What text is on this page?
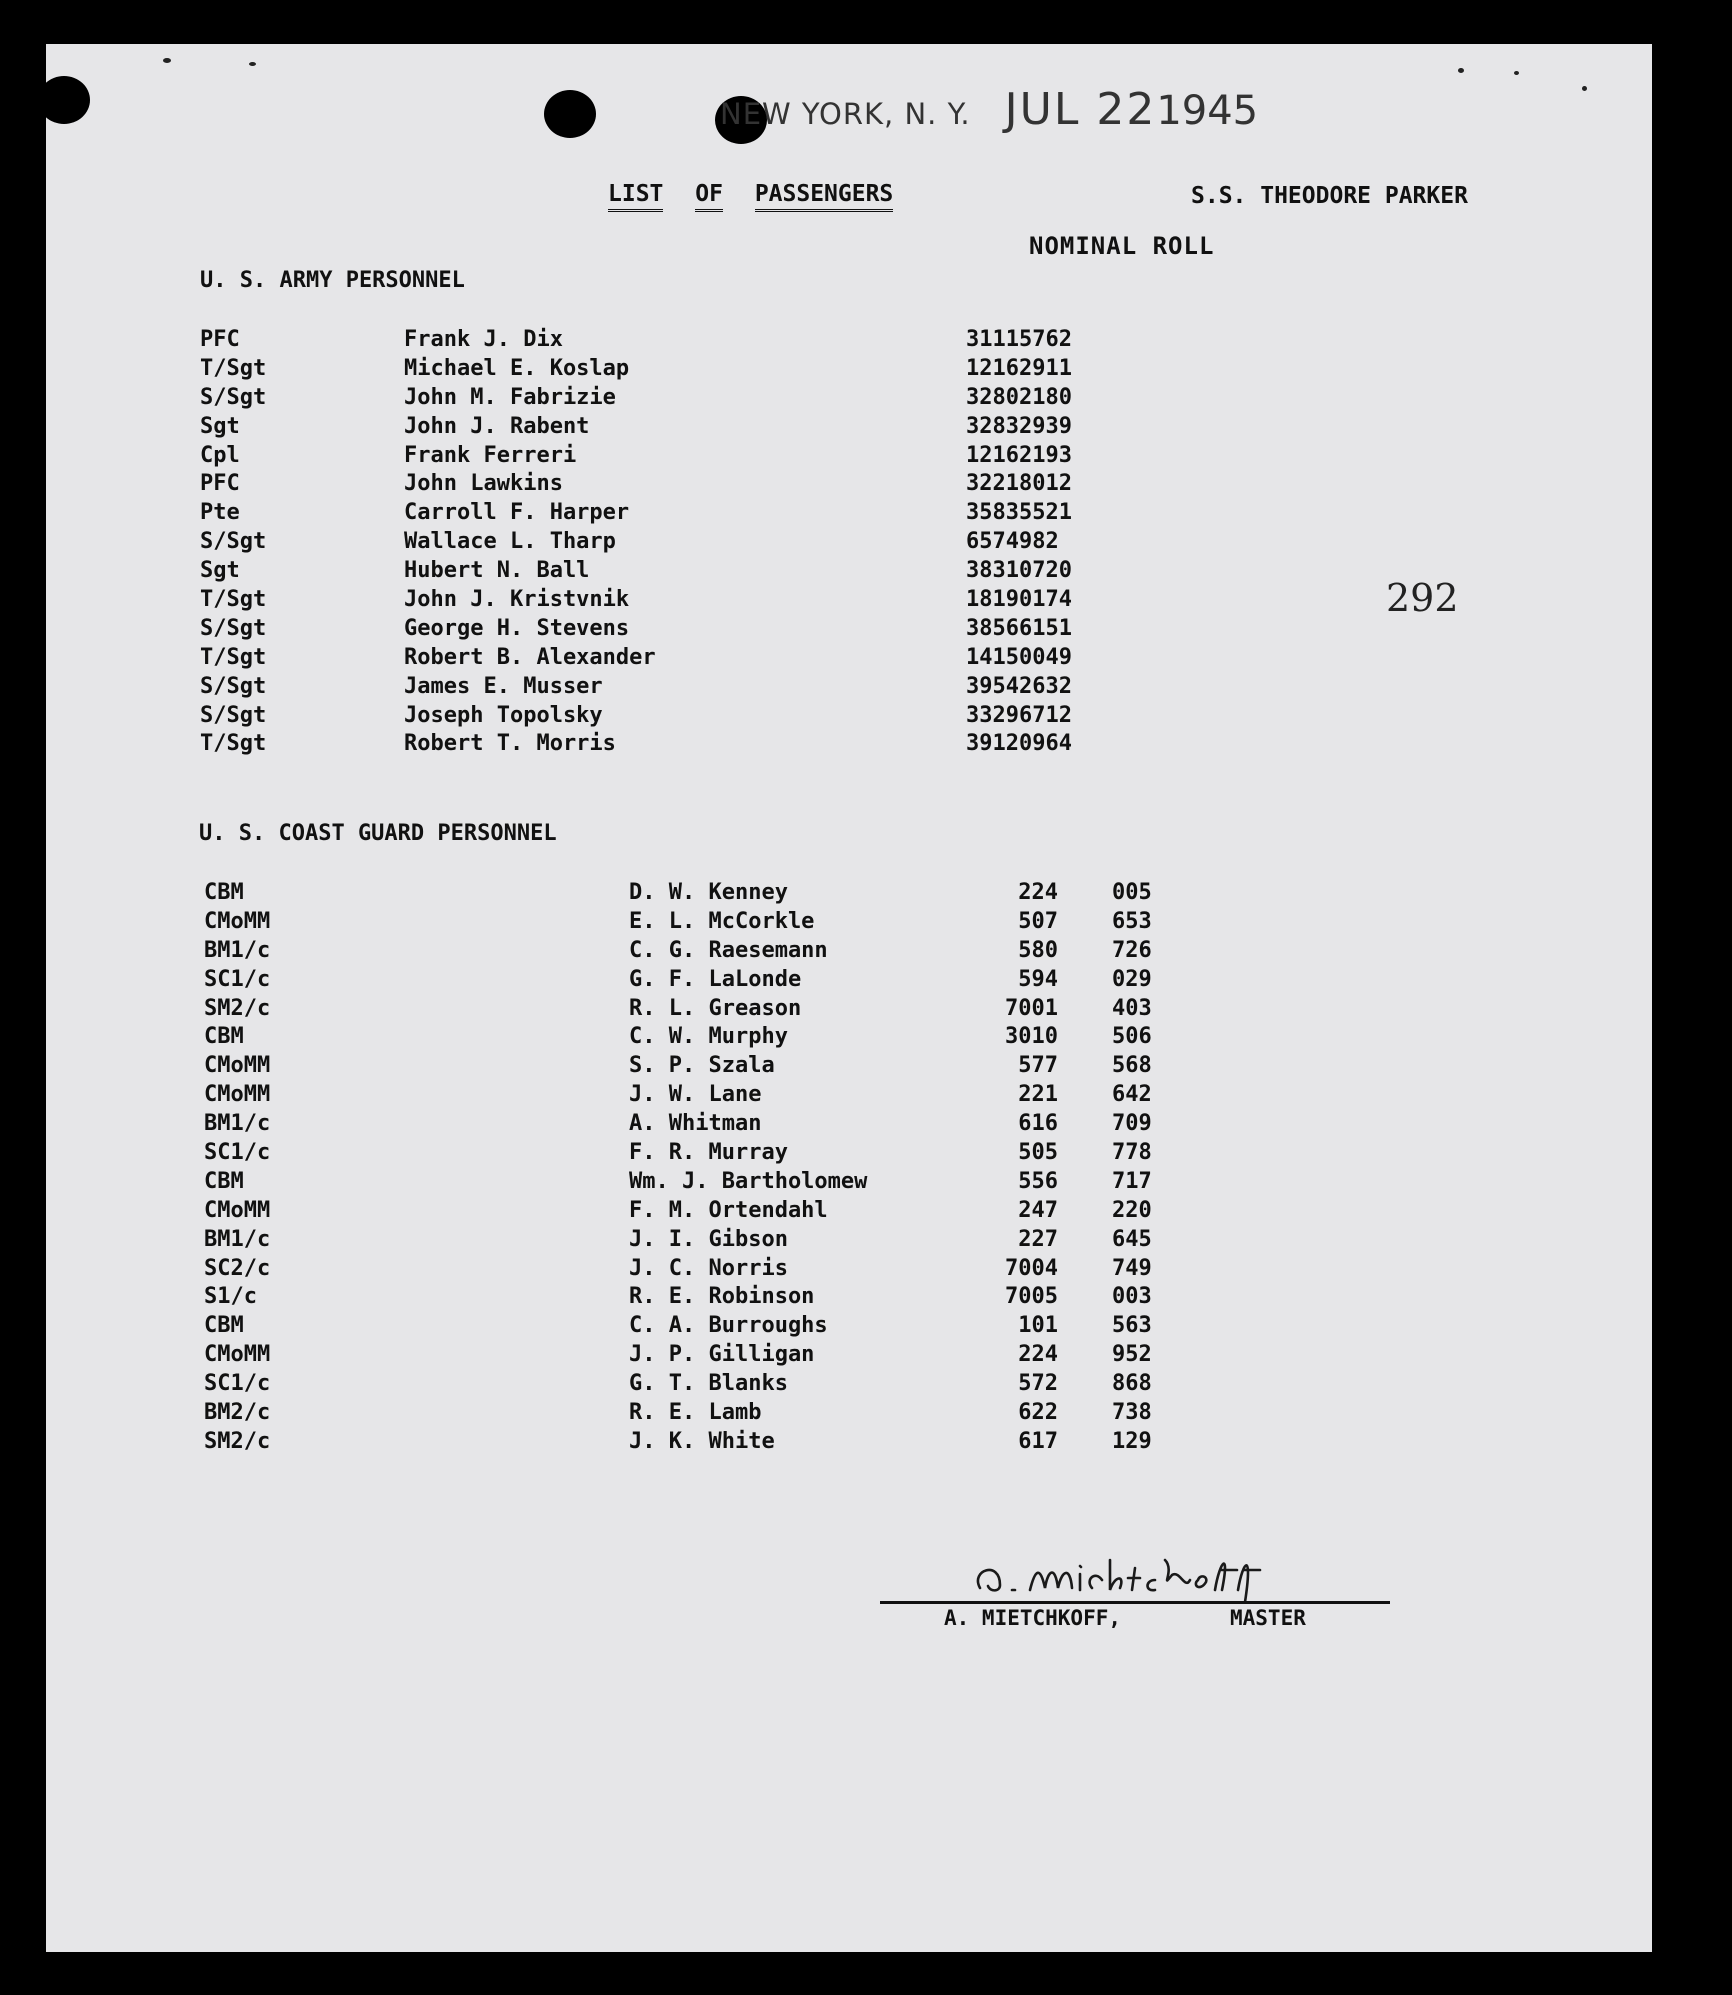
NEW YORK, N. Y. JUL 221945
LIST OF PASSENGERS	S.S. THEODORE PARKER
NOMINAL ROLL
292
U. S. ARMY PERSONNEL
PFC	Frank J. Dix	31115762
T/Sgt	Michael E. Koslap	12162911
S/Sgt	John M. Fabrizie	32802180
Sgt	John J. Rabent	32832939
Cpl	Frank Ferreri	12162193
PFC	John Lawkins	32218012
Pte	Carroll F. Harper	35835521
S/Sgt	Wallace L. Tharp	6574982
Sgt	Hubert N. Ball	38310720
T/Sgt	John J. Kristvnik	18190174
S/Sgt	George H. Stevens	38566151
T/Sgt	Robert B. Alexander	14150049
S/Sgt	James E. Musser	39542632
S/Sgt	Joseph Topolsky	33296712
T/Sgt	Robert T. Morris	39120964
U. S. COAST GUARD PERSONNEL
CBM	D. W. Kenney	224 005
CMoMM	E. L. McCorkle	507 653
BM1/c	C. G. Raesemann	580 726
SC1/c	G. F. LaLonde	594 029
SM2/c	R. L. Greason	7001 403
CBM	C. W. Murphy	3010 506
CMoMM	S. P. Szala	577 568
CMoMM	J. W. Lane	221 642
BM1/c	A. Whitman	616 709
SC1/c	F. R. Murray	505 778
CBM	Wm. J. Bartholomew	556 717
CMoMM	F. M. Ortendahl	247 220
BM1/c	J. I. Gibson	227 645
SC2/c	J. C. Norris	7004 749
S1/c	R. E. Robinson	7005 003
CBM	C. A. Burroughs	101 563
CMoMM	J. P. Gilligan	224 952
SC1/c	G. T. Blanks	572 868
BM2/c	R. E. Lamb	622 738
SM2/c	J. K. White	617 129
A. MIETCHKOFF,	MASTER
